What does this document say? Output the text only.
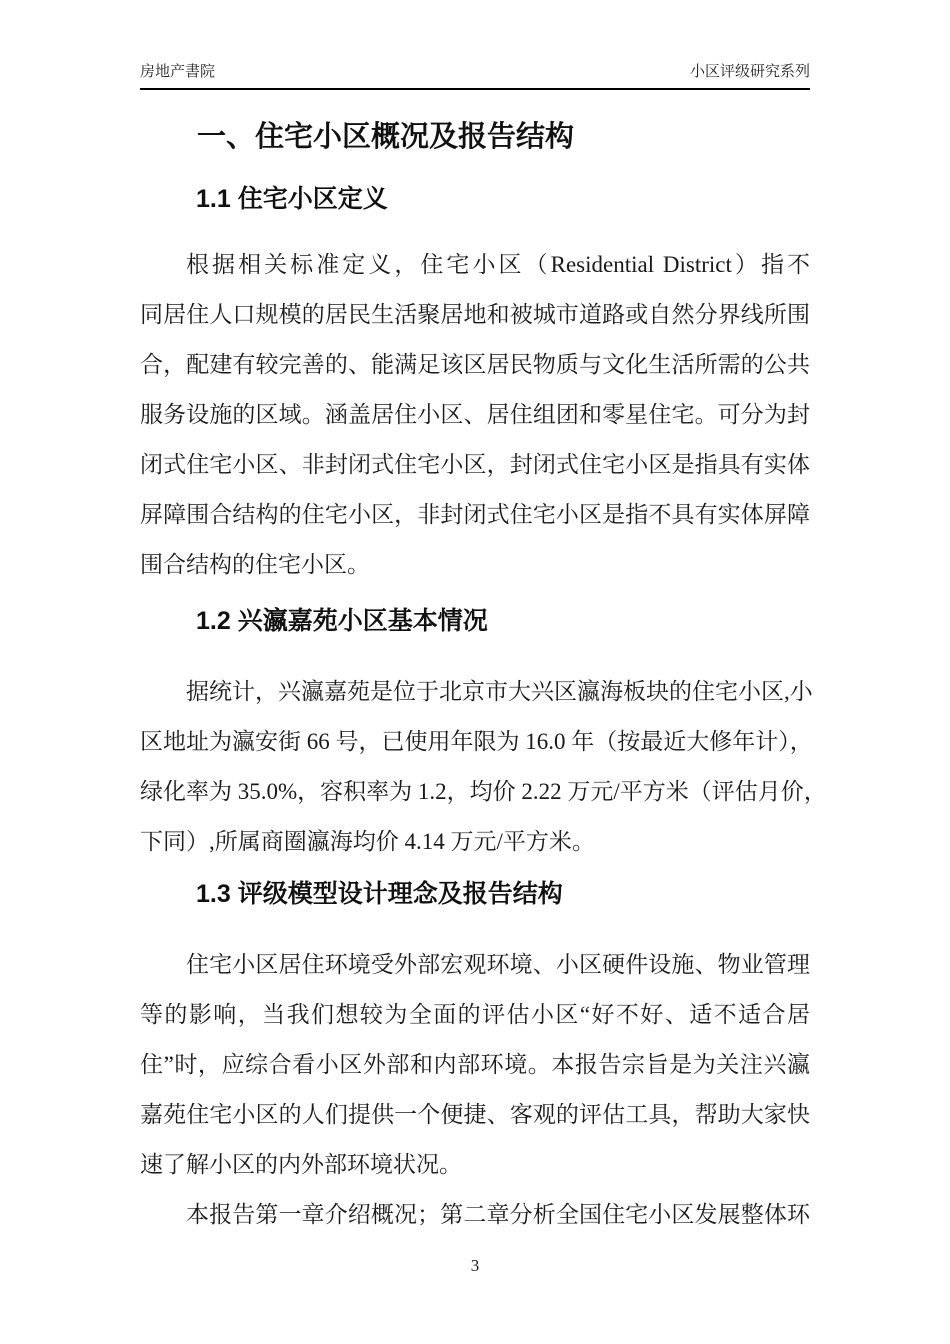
房地产書院	小区评级研究系列
一、住宅小区概况及报告结构
1.1 住宅小区定义
根据相关标准定义，住宅小区（Residential District）指不
同居住人口规模的居民生活聚居地和被城市道路或自然分界线所围
合，配建有较完善的、能满足该区居民物质与文化生活所需的公共
服务设施的区域。涵盖居住小区、居住组团和零星住宅。可分为封
闭式住宅小区、非封闭式住宅小区，封闭式住宅小区是指具有实体
屏障围合结构的住宅小区，非封闭式住宅小区是指不具有实体屏障
围合结构的住宅小区。
1.2 兴瀛嘉苑小区基本情况
据统计，兴瀛嘉苑是位于北京市大兴区瀛海板块的住宅小区,小
区地址为瀛安街 66 号，已使用年限为 16.0 年（按最近大修年计），
绿化率为 35.0%，容积率为 1.2，均价 2.22 万元/平方米（评估月价，
下同）,所属商圈瀛海均价 4.14 万元/平方米。
1.3 评级模型设计理念及报告结构
住宅小区居住环境受外部宏观环境、小区硬件设施、物业管理
等的影响，当我们想较为全面的评估小区“好不好、适不适合居
住”时，应综合看小区外部和内部环境。本报告宗旨是为关注兴瀛
嘉苑住宅小区的人们提供一个便捷、客观的评估工具，帮助大家快
速了解小区的内外部环境状况。
本报告第一章介绍概况；第二章分析全国住宅小区发展整体环
3
